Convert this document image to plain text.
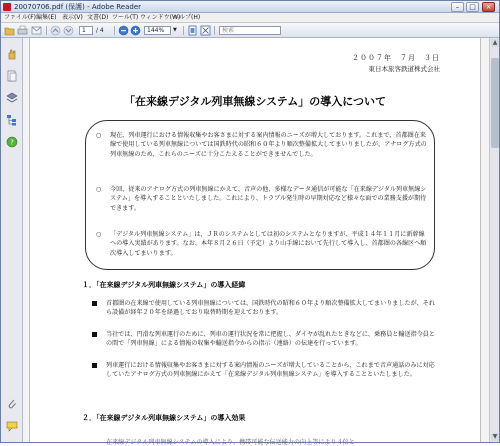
20070706.pdf (保護) - Adobe Reader	–	□	×
ファイル(F) 編集(E) 表示(V) 文書(D) ツール(T) ウィンドウ(W)
ヘルプ(H)
1	/ 4	144%	▼	検索
?
２００７年　７月　３日
東日本旅客鉄道株式会社
「在来線デジタル列車無線システム」の導入について
○	現在、列車運行における情報収集やお客さまに対する案内情報のニーズが増大しております。これまで、首都圏在来線で使用している列車無線については国鉄時代の昭和６０年より順次整備拡大してまいりましたが、アナログ方式の列車無線のため、これらのニーズに十分こたえることができませんでした。
○	今回、従来のアナログ方式の列車無線にかえて、音声の他、多様なデータ通信が可能な「在来線デジタル列車無線システム」を導入することといたしました。これにより、トラブル発生時の早期対応など様々な面での業務支援が期待できます。
○	「デジタル列車無線システム」は、ＪＲのシステムとしては初のシステムとなりますが、平成１４年１１月に新幹線への導入実績があります。なお、本年８月２６日（予定）より山手線において先行して導入し、首都圏の各線区へ順次導入してまいります。
１．「在来線デジタル列車無線システム」の導入経緯
首都圏の在来線で使用している列車無線については、国鉄時代の昭和６０年より順次整備拡大してまいりましたが、それら設備が経年２０年を経過しており取替時期を迎えております。
当社では、円滑な列車運行のために、列車の運行状況を常に把握し、ダイヤが乱れたときなどに、乗務員と輸送指令員との間で「列車無線」による情報の収集や輸送指令からの指示（連絡）の伝達を行っています。
列車運行における情報収集やお客さまに対する案内情報のニーズが増大していることから、これまで音声通話のみに対応していたアナログ方式の列車無線にかえて「在来線デジタル列車無線システム」を導入することといたしました。
２．「在来線デジタル列車無線システム」の導入効果
在来線デジタル列車無線システムの導入により、携帯可能な伝送能力の向上等により４倍と
▲
▼
